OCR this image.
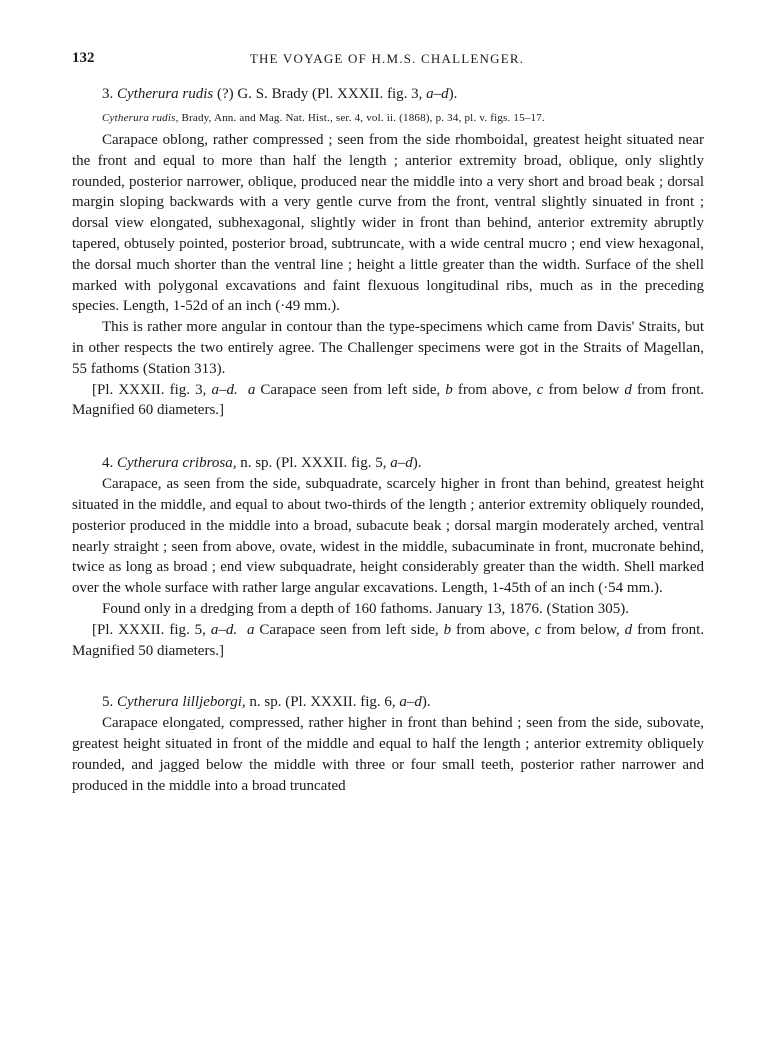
132	THE VOYAGE OF H.M.S. CHALLENGER.

3. Cytherura rudis (?) G. S. Brady (Pl. XXXII. fig. 3, a–d).

Cytherura rudis, Brady, Ann. and Mag. Nat. Hist., ser. 4, vol. ii. (1868), p. 34, pl. v. figs. 15–17.

Carapace oblong, rather compressed ; seen from the side rhomboidal, greatest height situated near the front and equal to more than half the length ; anterior extremity broad, oblique, only slightly rounded, posterior narrower, oblique, produced near the middle into a very short and broad beak ; dorsal margin sloping backwards with a very gentle curve from the front, ventral slightly sinuated in front ; dorsal view elongated, subhexagonal, slightly wider in front than behind, anterior extremity abruptly tapered, obtusely pointed, posterior broad, subtruncate, with a wide central mucro ; end view hexagonal, the dorsal much shorter than the ventral line ; height a little greater than the width. Surface of the shell marked with polygonal excavations and faint flexuous longitudinal ribs, much as in the preceding species. Length, 1-52d of an inch (·49 mm.).

This is rather more angular in contour than the type-specimens which came from Davis' Straits, but in other respects the two entirely agree. The Challenger specimens were got in the Straits of Magellan, 55 fathoms (Station 313).

[Pl. XXXII. fig. 3, a–d. a Carapace seen from left side, b from above, c from below d from front. Magnified 60 diameters.]

4. Cytherura cribrosa, n. sp. (Pl. XXXII. fig. 5, a–d).

Carapace, as seen from the side, subquadrate, scarcely higher in front than behind, greatest height situated in the middle, and equal to about two-thirds of the length ; anterior extremity obliquely rounded, posterior produced in the middle into a broad, subacute beak ; dorsal margin moderately arched, ventral nearly straight ; seen from above, ovate, widest in the middle, subacuminate in front, mucronate behind, twice as long as broad ; end view subquadrate, height considerably greater than the width. Shell marked over the whole surface with rather large angular excavations. Length, 1-45th of an inch (·54 mm.).

Found only in a dredging from a depth of 160 fathoms. January 13, 1876. (Station 305).

[Pl. XXXII. fig. 5, a–d. a Carapace seen from left side, b from above, c from below, d from front. Magnified 50 diameters.]

5. Cytherura lilljeborgi, n. sp. (Pl. XXXII. fig. 6, a–d).

Carapace elongated, compressed, rather higher in front than behind ; seen from the side, subovate, greatest height situated in front of the middle and equal to half the length ; anterior extremity obliquely rounded, and jagged below the middle with three or four small teeth, posterior rather narrower and produced in the middle into a broad truncated
